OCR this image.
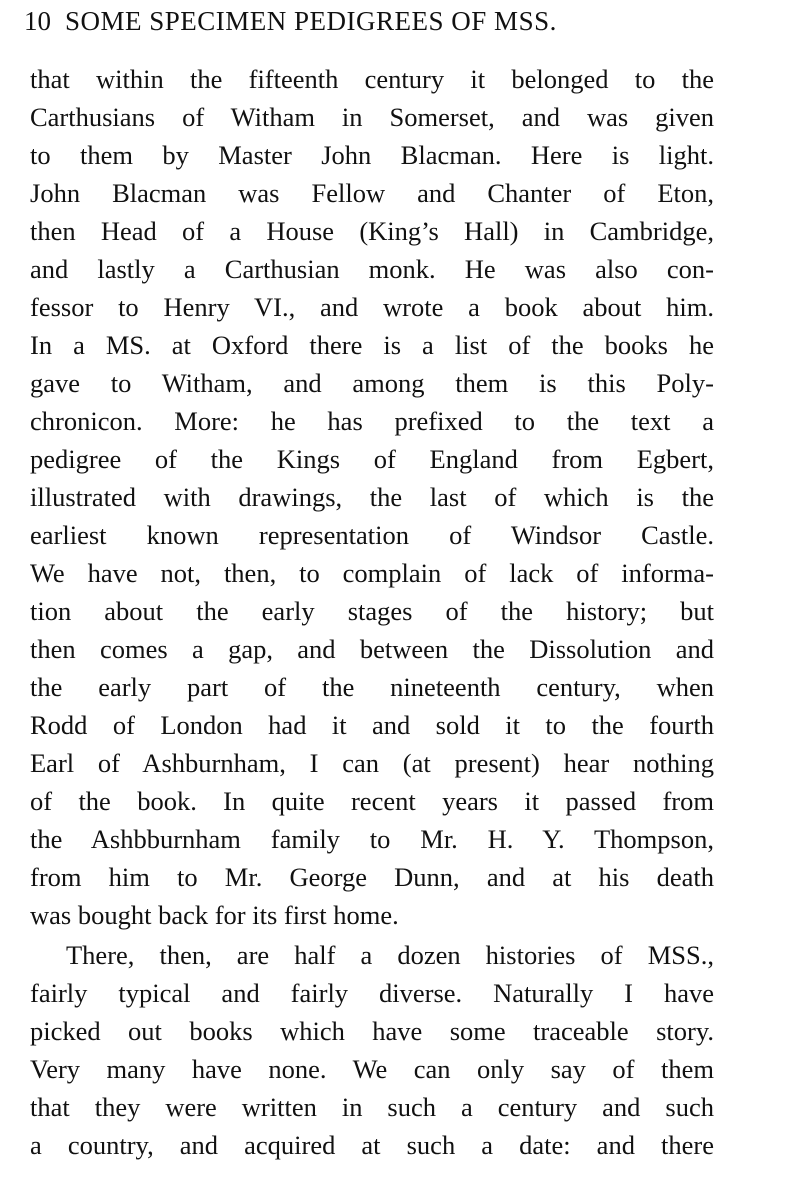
10 SOME SPECIMEN PEDIGREES OF MSS.
that within the fifteenth century it belonged to the
Carthusians of Witham in Somerset, and was given
to them by Master John Blacman. Here is light.
John Blacman was Fellow and Chanter of Eton,
then Head of a House (King’s Hall) in Cambridge,
and lastly a Carthusian monk. He was also con-
fessor to Henry VI., and wrote a book about him.
In a MS. at Oxford there is a list of the books he
gave to Witham, and among them is this Poly-
chronicon. More: he has prefixed to the text a
pedigree of the Kings of England from Egbert,
illustrated with drawings, the last of which is the
earliest known representation of Windsor Castle.
We have not, then, to complain of lack of informa-
tion about the early stages of the history; but
then comes a gap, and between the Dissolution and
the early part of the nineteenth century, when
Rodd of London had it and sold it to the fourth
Earl of Ashburnham, I can (at present) hear nothing
of the book. In quite recent years it passed from
the Ashbburnham family to Mr. H. Y. Thompson,
from him to Mr. George Dunn, and at his death
was bought back for its first home.
There, then, are half a dozen histories of MSS.,
fairly typical and fairly diverse. Naturally I have
picked out books which have some traceable story.
Very many have none. We can only say of them
that they were written in such a century and such
a country, and acquired at such a date: and there
